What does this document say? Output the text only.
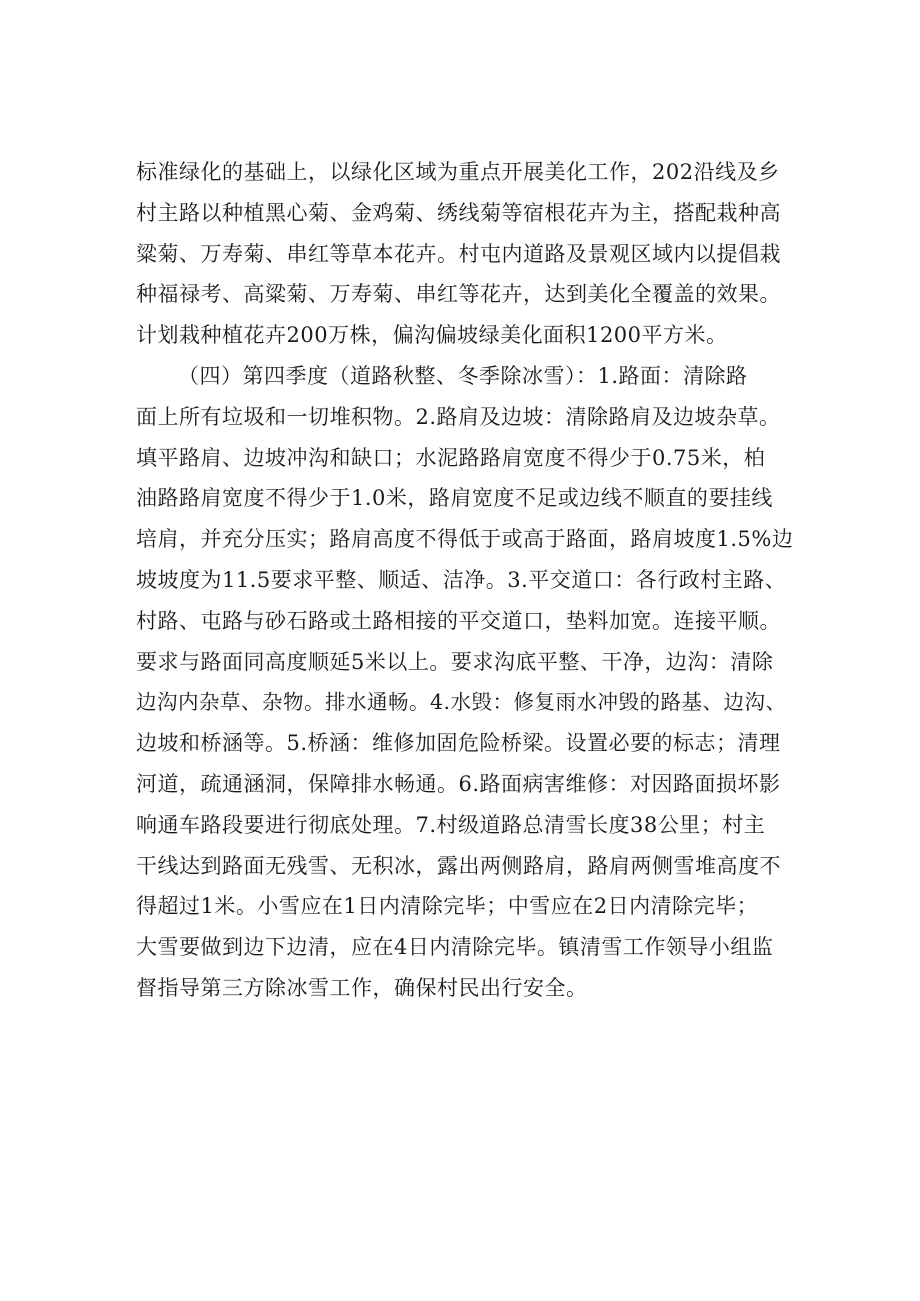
标准绿化的基础上，以绿化区域为重点开展美化工作，202沿线及乡
村主路以种植黑心菊、金鸡菊、绣线菊等宿根花卉为主，搭配栽种高
粱菊、万寿菊、串红等草本花卉。村屯内道路及景观区域内以提倡栽
种福禄考、高粱菊、万寿菊、串红等花卉，达到美化全覆盖的效果。
计划栽种植花卉200万株，偏沟偏坡绿美化面积1200平方米。
（四）第四季度（道路秋整、冬季除冰雪）：1.路面：清除路
面上所有垃圾和一切堆积物。2.路肩及边坡：清除路肩及边坡杂草。
填平路肩、边坡冲沟和缺口；水泥路路肩宽度不得少于0.75米，柏
油路路肩宽度不得少于1.0米，路肩宽度不足或边线不顺直的要挂线
培肩，并充分压实；路肩高度不得低于或高于路面，路肩坡度1.5%边
坡坡度为11.5要求平整、顺适、洁净。3.平交道口：各行政村主路、
村路、屯路与砂石路或土路相接的平交道口，垫料加宽。连接平顺。
要求与路面同高度顺延5米以上。要求沟底平整、干净，边沟：清除
边沟内杂草、杂物。排水通畅。4.水毁：修复雨水冲毁的路基、边沟、
边坡和桥涵等。5.桥涵：维修加固危险桥梁。设置必要的标志；清理
河道，疏通涵洞，保障排水畅通。6.路面病害维修：对因路面损坏影
响通车路段要进行彻底处理。7.村级道路总清雪长度38公里；村主
干线达到路面无残雪、无积冰，露出两侧路肩，路肩两侧雪堆高度不
得超过1米。小雪应在1日内清除完毕；中雪应在2日内清除完毕；
大雪要做到边下边清，应在4日内清除完毕。镇清雪工作领导小组监
督指导第三方除冰雪工作，确保村民出行安全。
